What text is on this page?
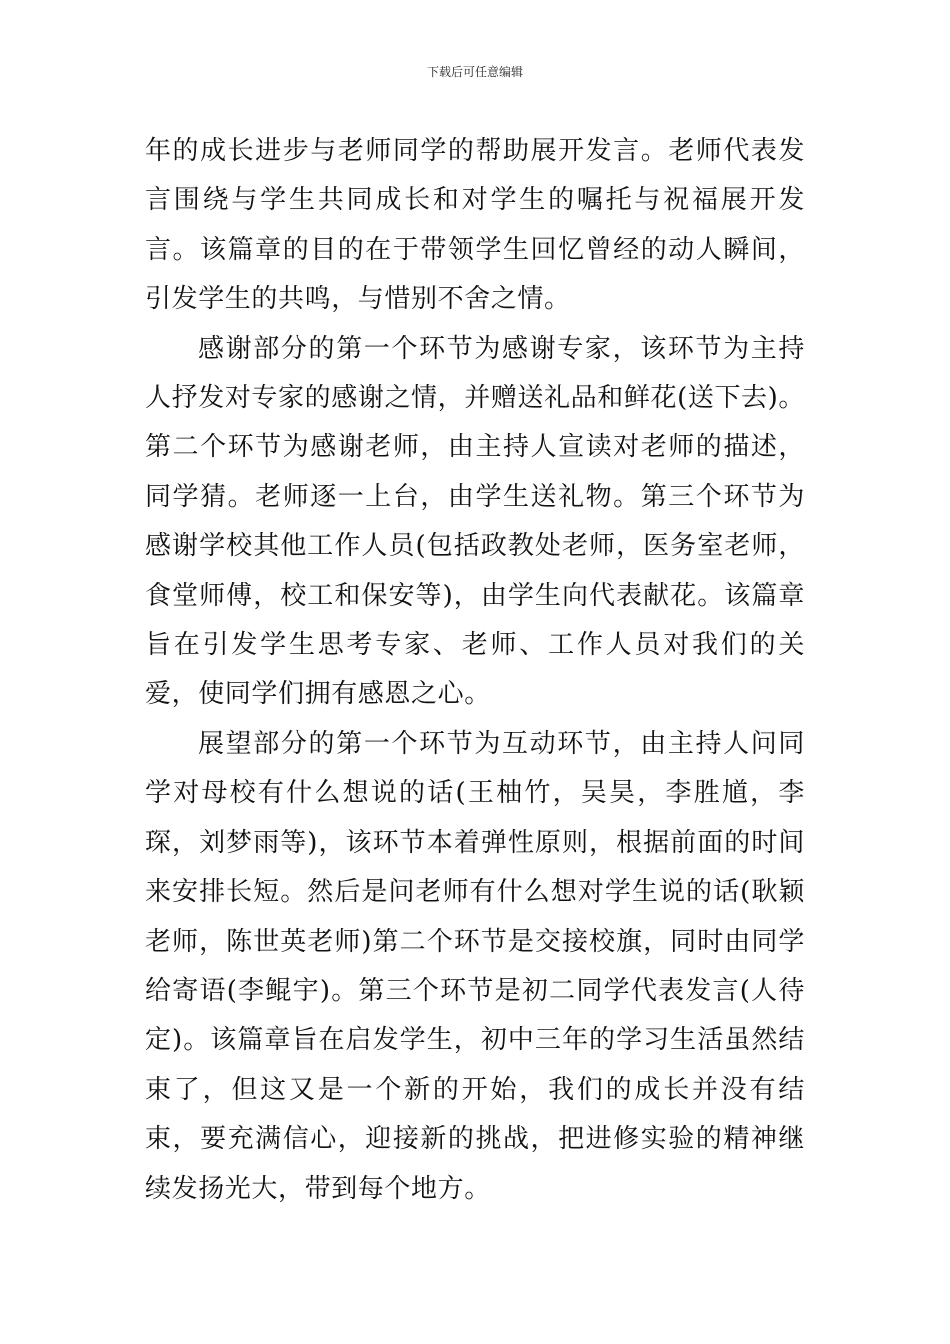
下载后可任意编辑

年的成长进步与老师同学的帮助展开发言。老师代表发言围绕与学生共同成长和对学生的嘱托与祝福展开发言。该篇章的目的在于带领学生回忆曾经的动人瞬间，引发学生的共鸣，与惜别不舍之情。

感谢部分的第一个环节为感谢专家，该环节为主持人抒发对专家的感谢之情，并赠送礼品和鲜花(送下去)。第二个环节为感谢老师，由主持人宣读对老师的描述，同学猜。老师逐一上台，由学生送礼物。第三个环节为感谢学校其他工作人员(包括政教处老师，医务室老师，食堂师傅，校工和保安等)，由学生向代表献花。该篇章旨在引发学生思考专家、老师、工作人员对我们的关爱，使同学们拥有感恩之心。

展望部分的第一个环节为互动环节，由主持人问同学对母校有什么想说的话(王柚竹，吴昊，李胜馗，李琛，刘梦雨等)，该环节本着弹性原则，根据前面的时间来安排长短。然后是问老师有什么想对学生说的话(耿颖老师，陈世英老师)第二个环节是交接校旗，同时由同学给寄语(李鲲宇)。第三个环节是初二同学代表发言(人待定)。该篇章旨在启发学生，初中三年的学习生活虽然结束了，但这又是一个新的开始，我们的成长并没有结束，要充满信心，迎接新的挑战，把进修实验的精神继续发扬光大，带到每个地方。
